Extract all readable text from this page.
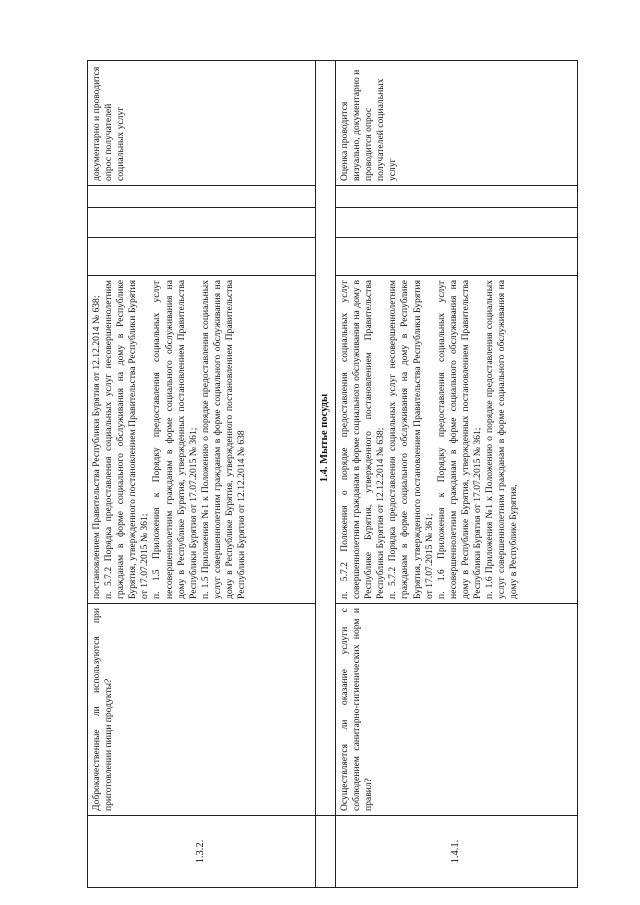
1.3.2.	Доброкачественные ли используются при приготовлении пищи продукты?	постановлением Правительства Республики Бурятия от 12.12.2014 № 638; п. 5.7.2 Порядка предоставления социальных услуг несовершеннолетним гражданам в форме социального обслуживания на дому в Республике Бурятия, утвержденного постановлением Правительства Республики Бурятия от 17.07.2015 № 361; п. 1.5 Приложения к Порядку предоставления социальных услуг несовершеннолетним гражданам в форме социального обслуживания на дому в Республике Бурятия, утвержденных постановлением Правительства Республики Бурятия от 17.07.2015 № 361; п. 1.5 Приложения №1 к Положению о порядке предоставления социальных услуг совершеннолетним гражданам в форме социального обслуживания на дому в Республике Бурятия, утвержденного постановлением Правительства Республики Бурятия от 12.12.2014 № 638				документарно и проводится опрос получателей социальных услуг

	1.4. Мытье посуды					
1.4.1.	Осуществляется ли оказание услуги с соблюдением санитарно-гигиенических норм и правил?	п. 5.7.2 Положения о порядке предоставления социальных услуг совершеннолетним гражданам в форме социального обслуживания на дому в Республике Бурятия, утвержденного постановлением Правительства Республики Бурятия от 12.12.2014 № 638; п. 5.7.2 Порядка предоставления социальных услуг несовершеннолетним гражданам в форме социального обслуживания на дому в Республике Бурятия, утвержденного постановлением Правительства Республики Бурятия от 17.07.2015 № 361; п. 1.6 Приложения к Порядку предоставления социальных услуг несовершеннолетним гражданам в форме социального обслуживания на дому в Республике Бурятия, утвержденных постановлением Правительства Республики Бурятия от 17.07.2015 № 361; п. 1.6 Приложения №1 к Положению о порядке предоставления социальных услуг совершеннолетним гражданам в форме социального обслуживания на дому в Республике Бурятия,				Оценка проводится визуально, документарно и проводится опрос получателей социальных услуг
